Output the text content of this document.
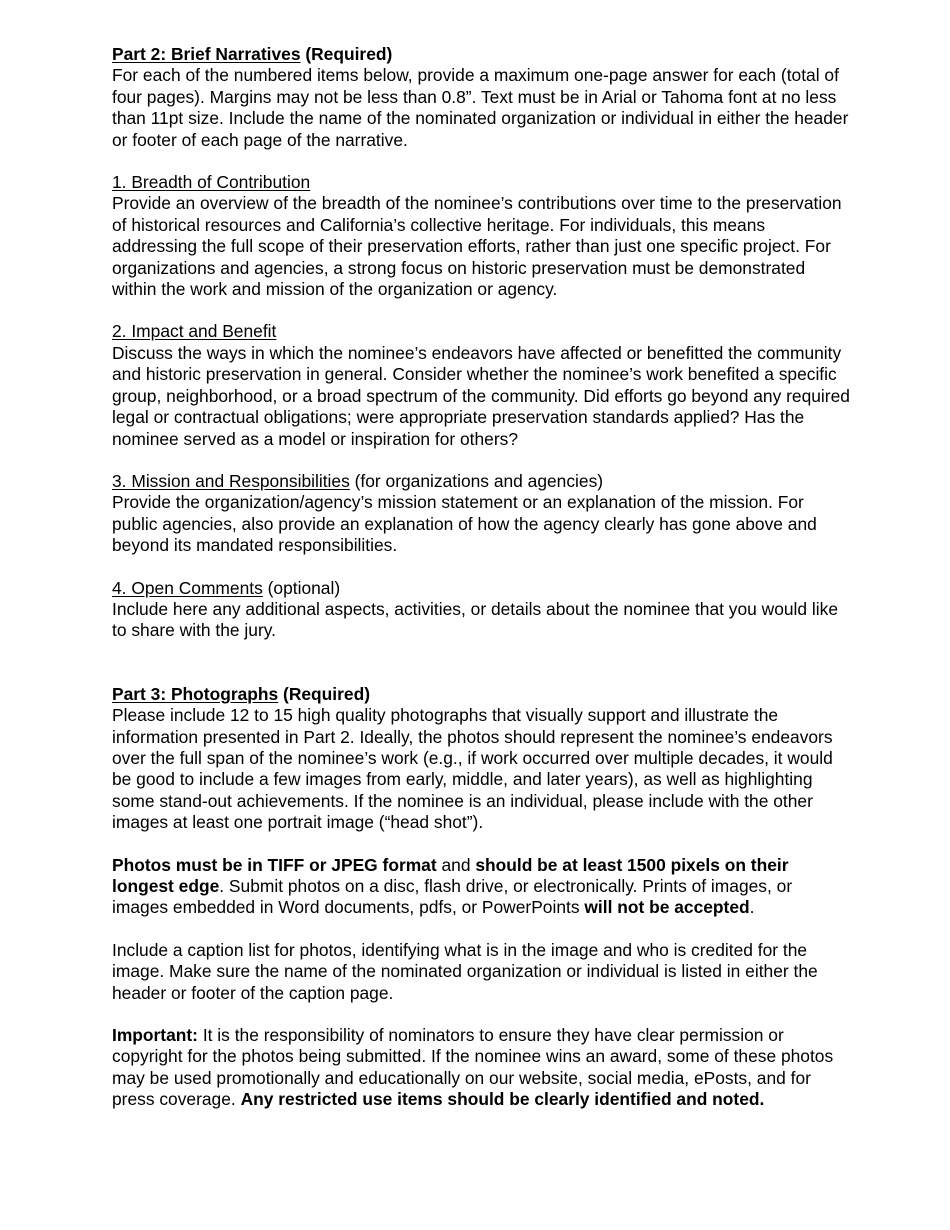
Part 2: Brief Narratives (Required)

For each of the numbered items below, provide a maximum one-page answer for each (total of four pages). Margins may not be less than 0.8”. Text must be in Arial or Tahoma font at no less than 11pt size. Include the name of the nominated organization or individual in either the header or footer of each page of the narrative.

1. Breadth of Contribution

Provide an overview of the breadth of the nominee’s contributions over time to the preservation of historical resources and California’s collective heritage. For individuals, this means addressing the full scope of their preservation efforts, rather than just one specific project. For organizations and agencies, a strong focus on historic preservation must be demonstrated within the work and mission of the organization or agency.

2. Impact and Benefit

Discuss the ways in which the nominee’s endeavors have affected or benefitted the community and historic preservation in general. Consider whether the nominee’s work benefited a specific group, neighborhood, or a broad spectrum of the community. Did efforts go beyond any required legal or contractual obligations; were appropriate preservation standards applied? Has the nominee served as a model or inspiration for others?

3. Mission and Responsibilities (for organizations and agencies)

Provide the organization/agency’s mission statement or an explanation of the mission. For public agencies, also provide an explanation of how the agency clearly has gone above and beyond its mandated responsibilities.

4. Open Comments (optional)

Include here any additional aspects, activities, or details about the nominee that you would like to share with the jury.

Part 3: Photographs (Required)

Please include 12 to 15 high quality photographs that visually support and illustrate the information presented in Part 2. Ideally, the photos should represent the nominee’s endeavors over the full span of the nominee’s work (e.g., if work occurred over multiple decades, it would be good to include a few images from early, middle, and later years), as well as highlighting some stand-out achievements. If the nominee is an individual, please include with the other images at least one portrait image (“head shot”).

Photos must be in TIFF or JPEG format and should be at least 1500 pixels on their longest edge. Submit photos on a disc, flash drive, or electronically. Prints of images, or images embedded in Word documents, pdfs, or PowerPoints will not be accepted.

Include a caption list for photos, identifying what is in the image and who is credited for the image. Make sure the name of the nominated organization or individual is listed in either the header or footer of the caption page.

Important: It is the responsibility of nominators to ensure they have clear permission or copyright for the photos being submitted. If the nominee wins an award, some of these photos may be used promotionally and educationally on our website, social media, ePosts, and for press coverage. Any restricted use items should be clearly identified and noted.
